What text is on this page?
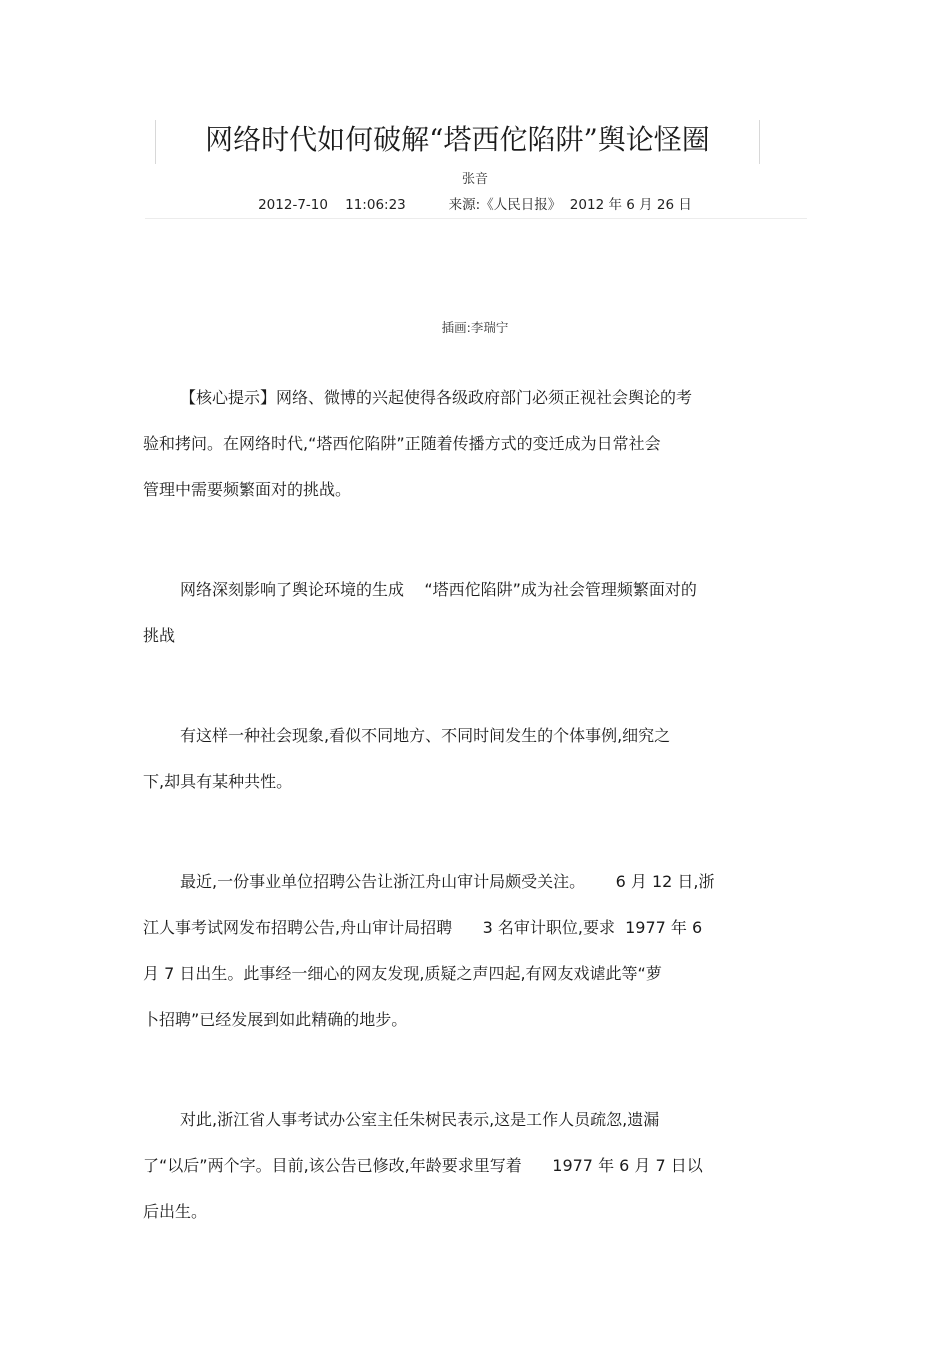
网络时代如何破解“塔西佗陷阱”舆论怪圈
张音
2012-7-10    11:06:23          来源:《人民日报》  2012 年 6 月 26 日
插画:李瑞宁
【核心提示】网络、微博的兴起使得各级政府部门必须正视社会舆论的考
验和拷问。在网络时代,“塔西佗陷阱”正随着传播方式的变迁成为日常社会
管理中需要频繁面对的挑战。
网络深刻影响了舆论环境的生成    “塔西佗陷阱”成为社会管理频繁面对的
挑战
有这样一种社会现象,看似不同地方、不同时间发生的个体事例,细究之
下,却具有某种共性。
最近,一份事业单位招聘公告让浙江舟山审计局颇受关注。      6 月 12 日,浙
江人事考试网发布招聘公告,舟山审计局招聘      3 名审计职位,要求  1977 年 6
月 7 日出生。此事经一细心的网友发现,质疑之声四起,有网友戏谑此等“萝
卜招聘”已经发展到如此精确的地步。
对此,浙江省人事考试办公室主任朱树民表示,这是工作人员疏忽,遗漏
了“以后”两个字。目前,该公告已修改,年龄要求里写着      1977 年 6 月 7 日以
后出生。
